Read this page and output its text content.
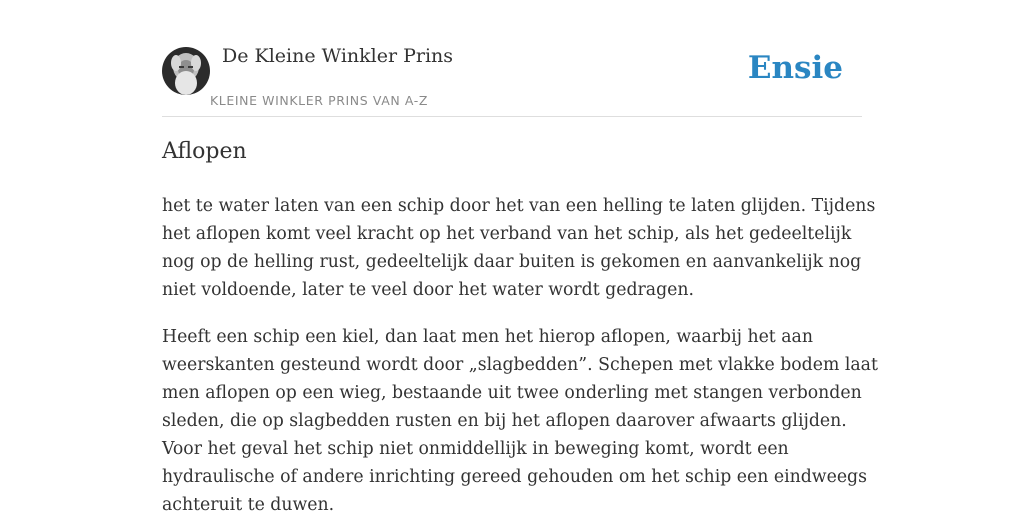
De Kleine Winkler Prins
KLEINE WINKLER PRINS VAN A-Z
Ensie
Aflopen

het te water laten van een schip door het van een helling te laten glijden. Tijdens
het aflopen komt veel kracht op het verband van het schip, als het gedeeltelijk
nog op de helling rust, gedeeltelijk daar buiten is gekomen en aanvankelijk nog
niet voldoende, later te veel door het water wordt gedragen.

Heeft een schip een kiel, dan laat men het hierop aflopen, waarbij het aan
weerskanten gesteund wordt door „slagbedden”. Schepen met vlakke bodem laat
men aflopen op een wieg, bestaande uit twee onderling met stangen verbonden
sleden, die op slagbedden rusten en bij het aflopen daarover afwaarts glijden.
Voor het geval het schip niet onmiddellijk in beweging komt, wordt een
hydraulische of andere inrichting gereed gehouden om het schip een eindweegs
achteruit te duwen.
